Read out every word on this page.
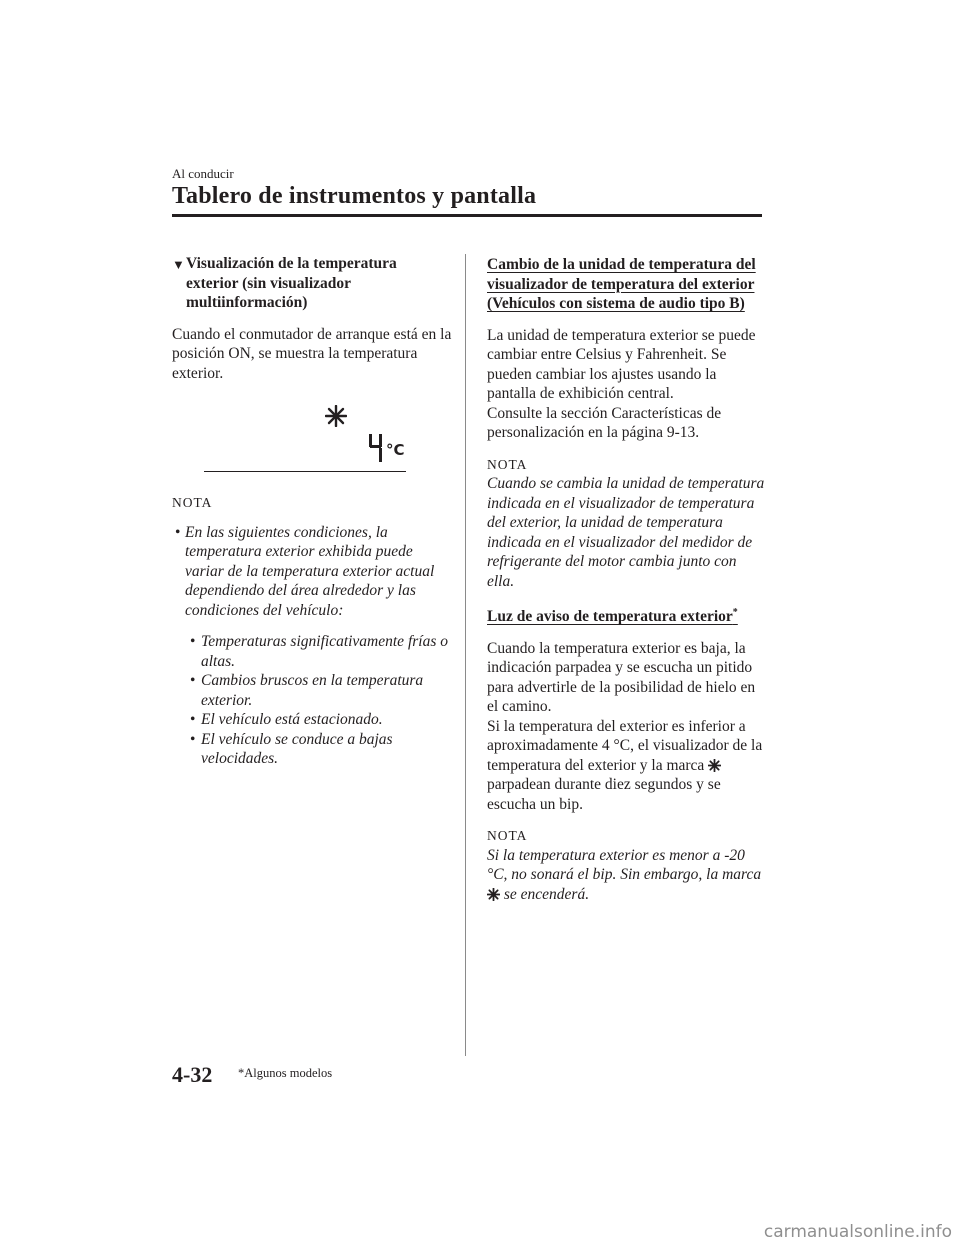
Al conducir
Tablero de instrumentos y pantalla

▼ Visualización de la temperatura exterior (sin visualizador multiinformación)

Cuando el conmutador de arranque está en la posición ON, se muestra la temperatura exterior.

°C

NOTA

• En las siguientes condiciones, la temperatura exterior exhibida puede variar de la temperatura exterior actual dependiendo del área alrededor y las condiciones del vehículo:

• Temperaturas significativamente frías o altas.

• Cambios bruscos en la temperatura exterior.

• El vehículo está estacionado.

• El vehículo se conduce a bajas velocidades.

Cambio de la unidad de temperatura del visualizador de temperatura del exterior (Vehículos con sistema de audio tipo B)

La unidad de temperatura exterior se puede cambiar entre Celsius y Fahrenheit. Se pueden cambiar los ajustes usando la pantalla de exhibición central.

Consulte la sección Características de personalización en la página 9-13.

NOTA

Cuando se cambia la unidad de temperatura indicada en el visualizador de temperatura del exterior, la unidad de temperatura indicada en el visualizador del medidor de refrigerante del motor cambia junto con ella.

Luz de aviso de temperatura exterior*

Cuando la temperatura exterior es baja, la indicación parpadea y se escucha un pitido para advertirle de la posibilidad de hielo en el camino.

Si la temperatura del exterior es inferior a aproximadamente 4 °C, el visualizador de la temperatura del exterior y la marca  parpadean durante diez segundos y se escucha un bip.

NOTA

Si la temperatura exterior es menor a -20 °C, no sonará el bip. Sin embargo, la marca  se encenderá.

4-32 *Algunos modelos
carmanualsonline.info
